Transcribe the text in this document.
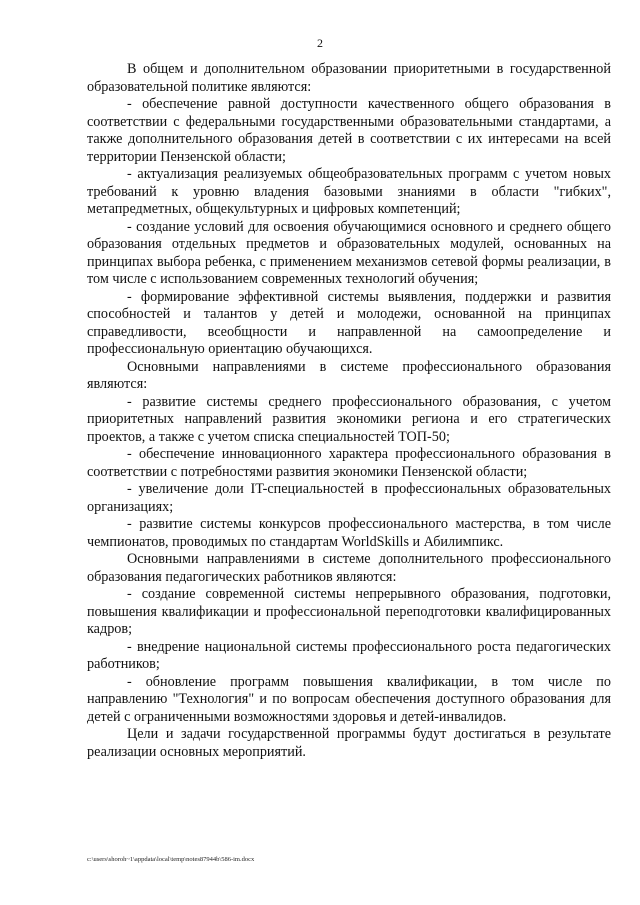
2

В общем и дополнительном образовании приоритетными в государственной образовательной политике являются:

- обеспечение равной доступности качественного общего образования в соответствии с федеральными государственными образовательными стандартами, а также дополнительного образования детей в соответствии с их интересами на всей территории Пензенской области;

- актуализация реализуемых общеобразовательных программ с учетом новых требований к уровню владения базовыми знаниями в области "гибких", метапредметных, общекультурных и цифровых компетенций;

- создание условий для освоения обучающимися основного и среднего общего образования отдельных предметов и образовательных модулей, основанных на принципах выбора ребенка, с применением механизмов сетевой формы реализации, в том числе с использованием современных технологий обучения;

- формирование эффективной системы выявления, поддержки и развития способностей и талантов у детей и молодежи, основанной на принципах справедливости, всеобщности и направленной на самоопределение и профессиональную ориентацию обучающихся.

Основными направлениями в системе профессионального образования являются:

- развитие системы среднего профессионального образования, с учетом приоритетных направлений развития экономики региона и его стратегических проектов, а также с учетом списка специальностей ТОП-50;

- обеспечение инновационного характера профессионального образования в соответствии с потребностями развития экономики Пензенской области;

- увеличение доли IT-специальностей в профессиональных образовательных организациях;

- развитие системы конкурсов профессионального мастерства, в том числе чемпионатов, проводимых по стандартам WorldSkills и Абилимпикс.

Основными направлениями в системе дополнительного профессионального образования педагогических работников являются:

- создание современной системы непрерывного образования, подготовки, повышения квалификации и профессиональной переподготовки квалифицированных кадров;

- внедрение национальной системы профессионального роста педагогических работников;

- обновление программ повышения квалификации, в том числе по направлению "Технология" и по вопросам обеспечения доступного образования для детей с ограниченными возможностями здоровья и детей-инвалидов.

Цели и задачи государственной программы будут достигаться в результате реализации основных мероприятий.

c:\users\shoroh~1\appdata\local\temp\notes87944b\586-im.docx
